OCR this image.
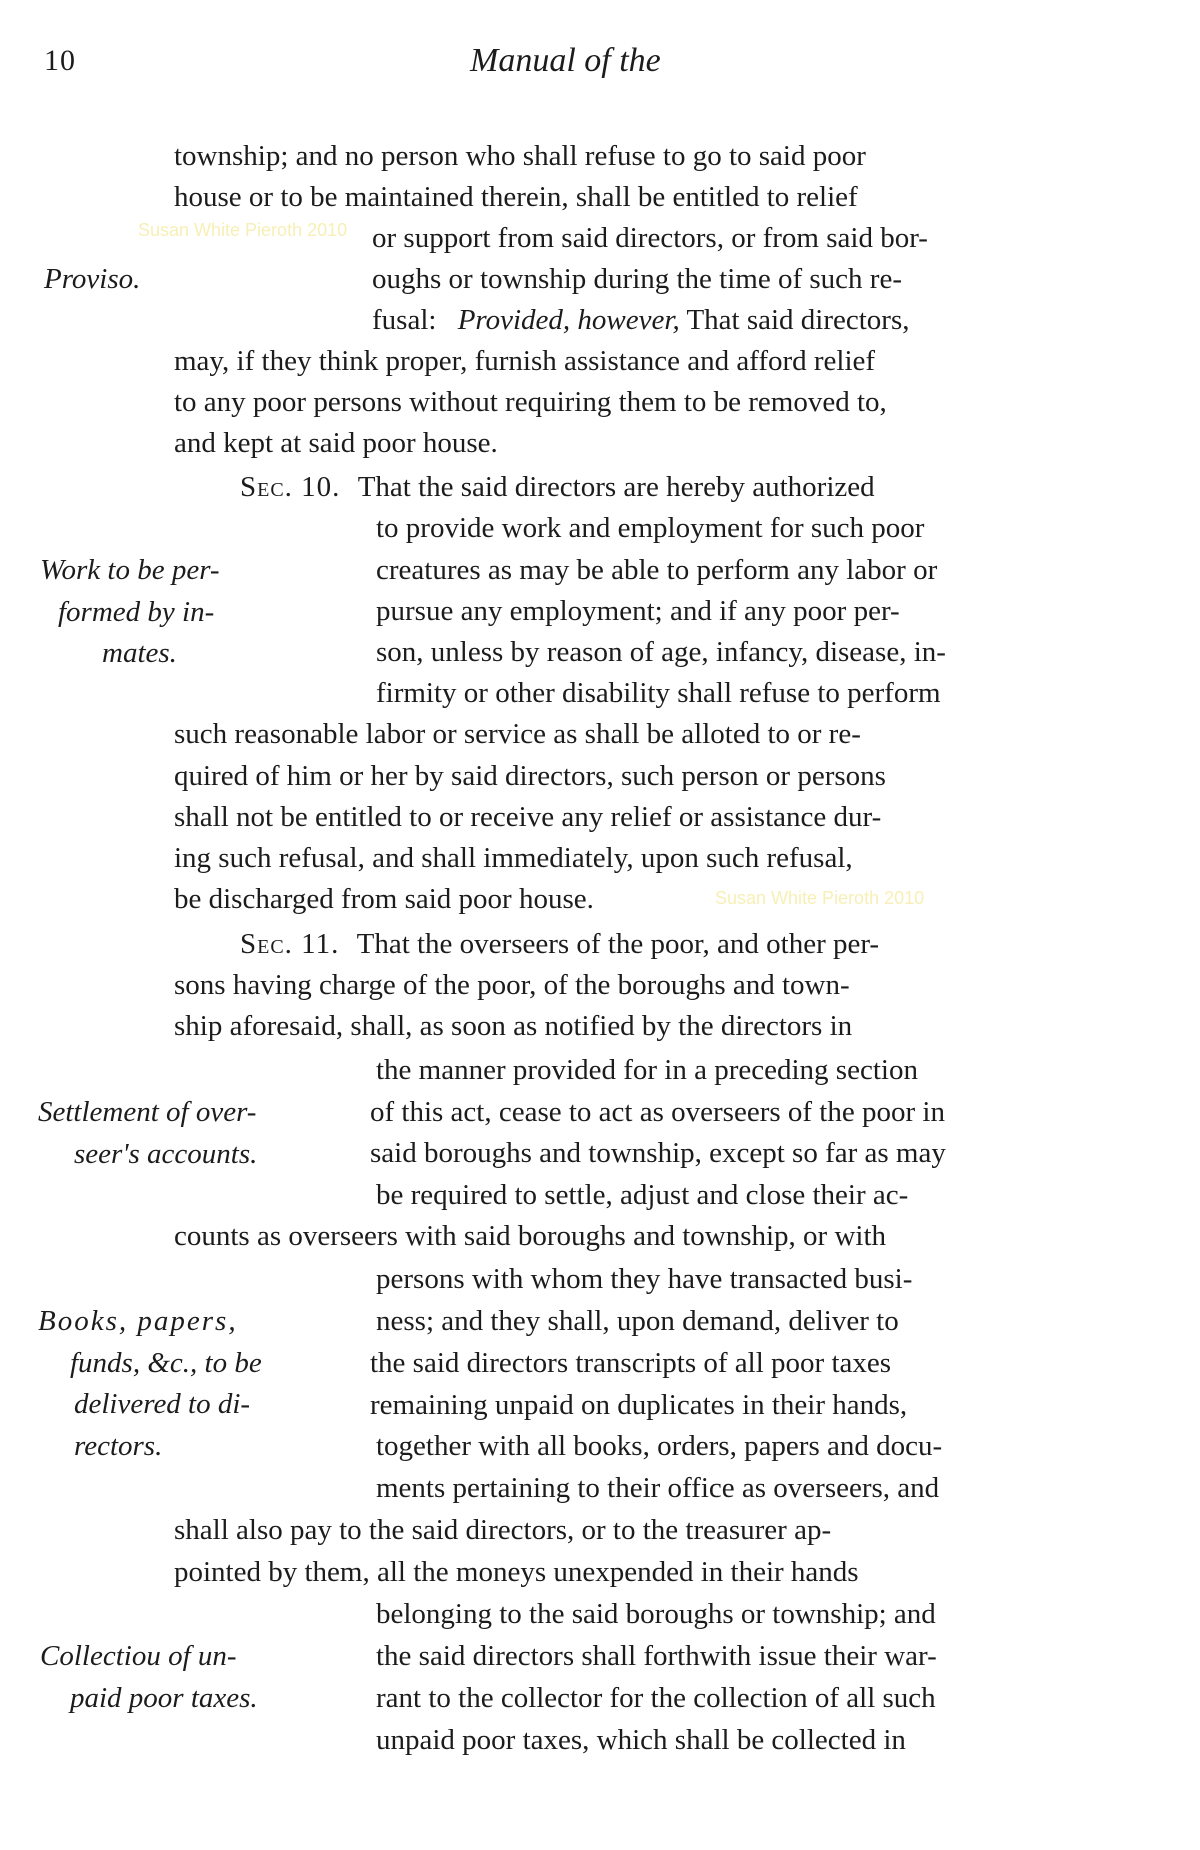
10	Manual of the
Susan White Pieroth 2010
Susan White Pieroth 2010
Proviso.
Work to be per-
formed by in-
mates.
Settlement of over-
seer's accounts.
Books, papers,
funds, &c., to be
delivered to di-
rectors.
Collectiou of un-
paid poor taxes.
township; and no person who shall refuse to go to said poor
house or to be maintained therein, shall be entitled to relief
or support from said directors, or from said bor-
oughs or township during the time of such re-
fusal: Provided, however, That said directors,
may, if they think proper, furnish assistance and afford relief
to any poor persons without requiring them to be removed to,
and kept at said poor house.
Sec. 10. That the said directors are hereby authorized
to provide work and employment for such poor
creatures as may be able to perform any labor or
pursue any employment; and if any poor per-
son, unless by reason of age, infancy, disease, in-
firmity or other disability shall refuse to perform
such reasonable labor or service as shall be alloted to or re-
quired of him or her by said directors, such person or persons
shall not be entitled to or receive any relief or assistance dur-
ing such refusal, and shall immediately, upon such refusal,
be discharged from said poor house.
Sec. 11. That the overseers of the poor, and other per-
sons having charge of the poor, of the boroughs and town-
ship aforesaid, shall, as soon as notified by the directors in
the manner provided for in a preceding section
of this act, cease to act as overseers of the poor in
said boroughs and township, except so far as may
be required to settle, adjust and close their ac-
counts as overseers with said boroughs and township, or with
persons with whom they have transacted busi-
ness; and they shall, upon demand, deliver to
the said directors transcripts of all poor taxes
remaining unpaid on duplicates in their hands,
together with all books, orders, papers and docu-
ments pertaining to their office as overseers, and
shall also pay to the said directors, or to the treasurer ap-
pointed by them, all the moneys unexpended in their hands
belonging to the said boroughs or township; and
the said directors shall forthwith issue their war-
rant to the collector for the collection of all such
unpaid poor taxes, which shall be collected in
